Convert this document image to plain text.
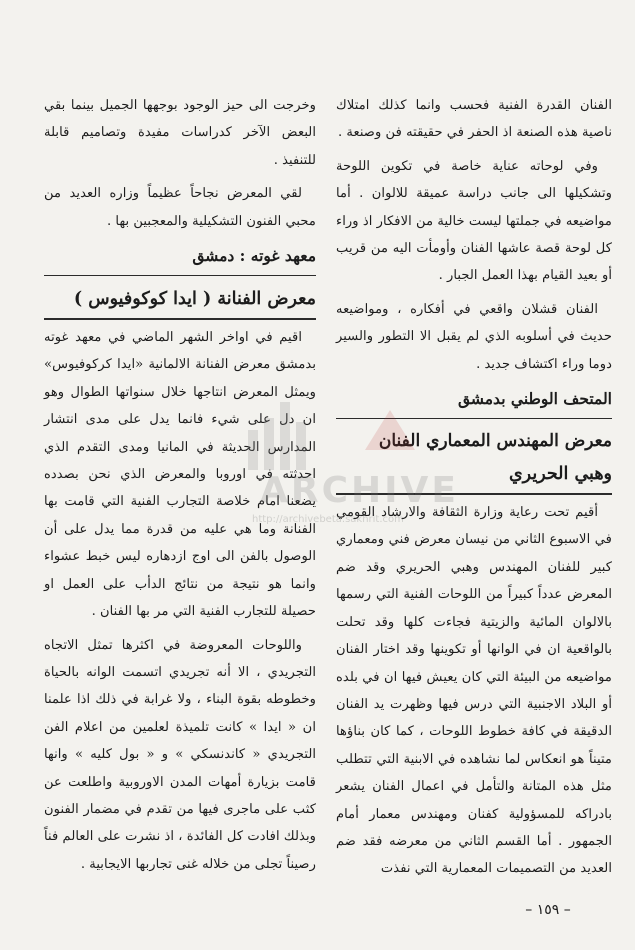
الفنان القدرة الفنية فحسب وانما كذلك امتلاك ناصية هذه الصنعة اذ الحفر في حقيقته فن وصنعة .

وفي لوحاته عناية خاصة في تكوين اللوحة وتشكيلها الى جانب دراسة عميقة للالوان . أما مواضيعه في جملتها ليست خالية من الافكار اذ وراء كل لوحة قصة عاشها الفنان وأومأت اليه من قريب أو بعيد القيام بهذا العمل الجبار .

الفنان قشلان واقعي في أفكاره ، ومواضيعه حديث في أسلوبه الذي لم يقبل الا التطور والسير دوما وراء اكتشاف جديد .

المتحف الوطني بدمشق
معرض المهندس المعماري الفنان
وهبي الحريري

أقيم تحت رعاية وزارة الثقافة والارشاد القومي في الاسبوع الثاني من نيسان معرض فني ومعماري كبير للفنان المهندس وهبي الحريري وقد ضم المعرض عدداً كبيراً من اللوحات الفنية التي رسمها بالالوان المائية والزيتية فجاءت كلها وقد تحلت بالواقعية ان في الوانها أو تكوينها وقد اختار الفنان مواضيعه من البيئة التي كان يعيش فيها ان في بلده أو البلاد الاجنبية التي درس فيها وظهرت يد الفنان الدقيقة في كافة خطوط اللوحات ، كما كان بناؤها متيناً هو انعكاس لما نشاهده في الابنية التي تتطلب مثل هذه المتانة والتأمل في اعمال الفنان يشعر بادراكه للمسؤولية كفنان ومهندس معمار أمام الجمهور . أما القسم الثاني من معرضه فقد ضم العديد من التصميمات المعمارية التي نفذت

وخرجت الى حيز الوجود بوجهها الجميل بينما بقي البعض الآخر كدراسات مفيدة وتصاميم قابلة للتنفيذ .

لقي المعرض نجاحاً عظيماً وزاره العديد من محبي الفنون التشكيلية والمعجبين بها .

معهد غوته : دمشق
معرض الفنانة ( ايدا كوكوفيوس )

اقيم في اواخر الشهر الماضي في معهد غوته بدمشق معرض الفنانة الالمانية «ايدا كركوفيوس» ويمثل المعرض انتاجها خلال سنواتها الطوال وهو ان دل على شيء فانما يدل على مدى انتشار المدارس الحديثة في المانيا ومدى التقدم الذي احدثته في اوروبا والمعرض الذي نحن بصدده يضعنا امام خلاصة التجارب الفنية التي قامت بها الفنانة وما هي عليه من قدرة مما يدل على أن الوصول بالفن الى اوج ازدهاره ليس خبط عشواء وانما هو نتيجة من نتائج الدأب على العمل او حصيلة للتجارب الفنية التي مر بها الفنان .

واللوحات المعروضة في اكثرها تمثل الاتجاه التجريدي ، الا أنه تجريدي اتسمت الوانه بالحياة وخطوطه بقوة البناء ، ولا غرابة في ذلك اذا علمنا ان « ايدا » كانت تلميذة لعلمين من اعلام الفن التجريدي « كاندنسكي » و « بول كليه » وانها قامت بزيارة أمهات المدن الاوروبية واطلعت عن كثب على ماجرى فيها من تقدم في مضمار الفنون وبذلك افادت كل الفائدة ، اذ نشرت على العالم فناً رصيناً تجلى من خلاله غنى تجاربها الايجابية .

ARCHIVE
http://archivebeta.sakhrit.com
– ١٥٩ –
